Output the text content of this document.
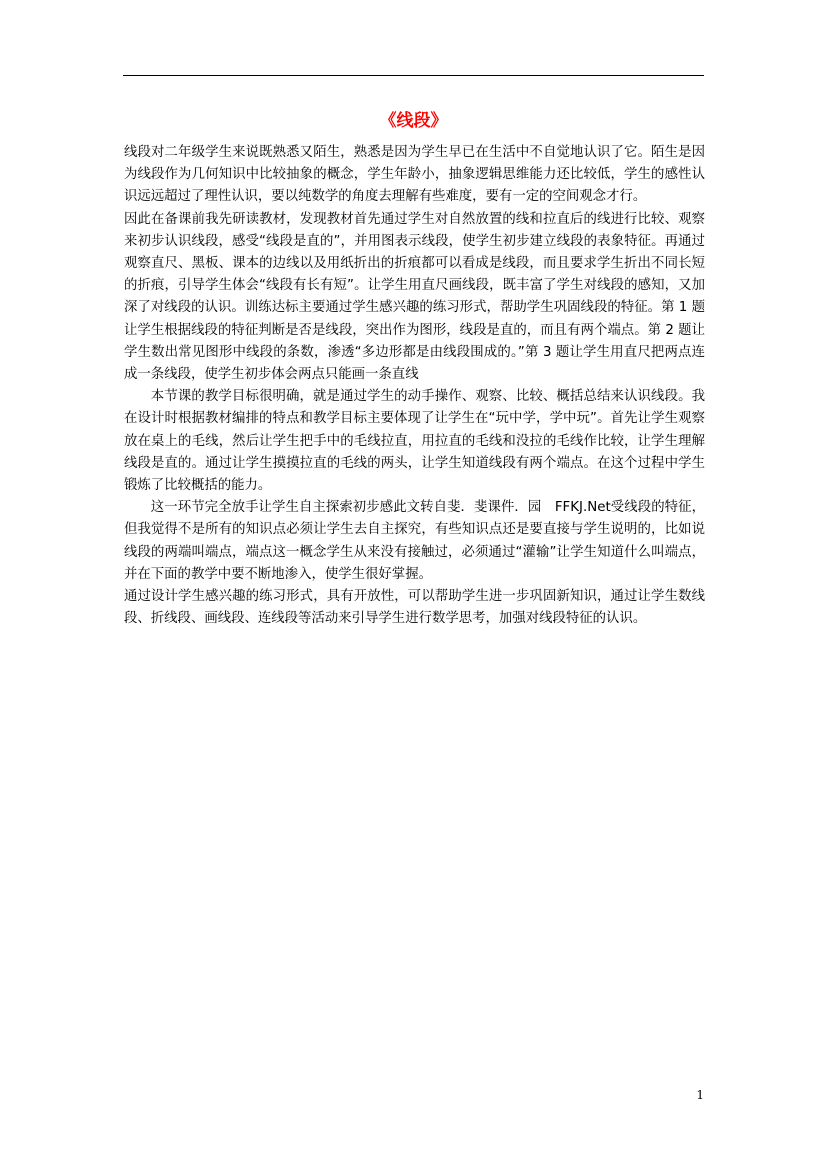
《线段》

线段对二年级学生来说既熟悉又陌生，熟悉是因为学生早已在生活中不自觉地认识了它。陌生是因为线段作为几何知识中比较抽象的概念，学生年龄小，抽象逻辑思维能力还比较低，学生的感性认识远远超过了理性认识，要以纯数学的角度去理解有些难度，要有一定的空间观念才行。

因此在备课前我先研读教材，发现教材首先通过学生对自然放置的线和拉直后的线进行比较、观察来初步认识线段，感受“线段是直的”，并用图表示线段，使学生初步建立线段的表象特征。再通过观察直尺、黑板、课本的边线以及用纸折出的折痕都可以看成是线段，而且要求学生折出不同长短的折痕，引导学生体会“线段有长有短”。让学生用直尺画线段，既丰富了学生对线段的感知，又加深了对线段的认识。训练达标主要通过学生感兴趣的练习形式，帮助学生巩固线段的特征。第 1 题让学生根据线段的特征判断是否是线段，突出作为图形，线段是直的，而且有两个端点。第 2 题让学生数出常见图形中线段的条数，渗透“多边形都是由线段围成的。”第 3 题让学生用直尺把两点连成一条线段，使学生初步体会两点只能画一条直线

本节课的教学目标很明确，就是通过学生的动手操作、观察、比较、概括总结来认识线段。我在设计时根据教材编排的特点和教学目标主要体现了让学生在“玩中学，学中玩”。首先让学生观察放在桌上的毛线，然后让学生把手中的毛线拉直，用拉直的毛线和没拉的毛线作比较，让学生理解线段是直的。通过让学生摸摸拉直的毛线的两头，让学生知道线段有两个端点。在这个过程中学生锻炼了比较概括的能力。

这一环节完全放手让学生自主探索初步感此文转自斐．斐课件．园　FFKJ.Net受线段的特征，但我觉得不是所有的知识点必须让学生去自主探究，有些知识点还是要直接与学生说明的，比如说线段的两端叫端点，端点这一概念学生从来没有接触过，必须通过“灌输”让学生知道什么叫端点，并在下面的教学中要不断地渗入，使学生很好掌握。

通过设计学生感兴趣的练习形式，具有开放性，可以帮助学生进一步巩固新知识，通过让学生数线段、折线段、画线段、连线段等活动来引导学生进行数学思考，加强对线段特征的认识。

1
